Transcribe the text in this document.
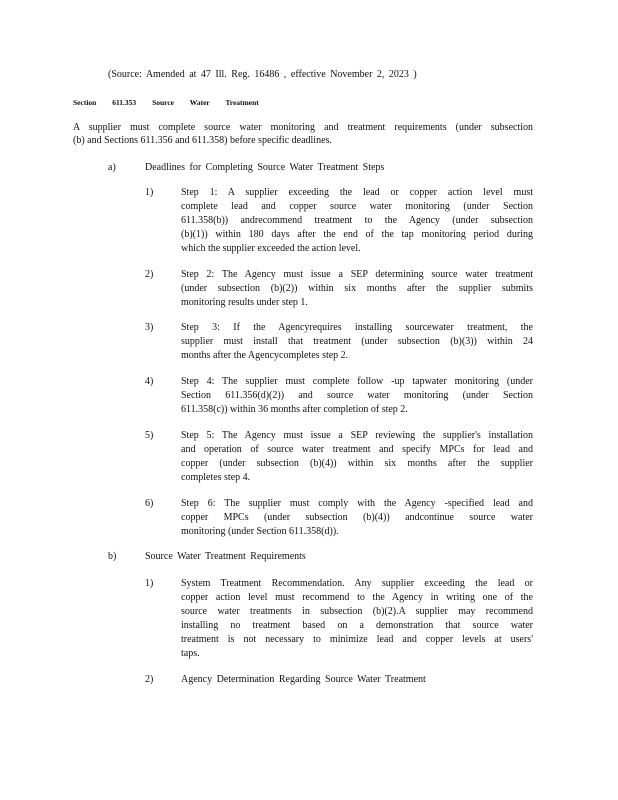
(Source: Amended at 47 Ill. Reg. 16486 , effective November 2, 2023 )
Section 611.353 Source Water Treatment
A supplier must complete source water monitoring and treatment requirements (under subsection
(b) and Sections 611.356 and 611.358) before specific deadlines.
a)	Deadlines for Completing Source Water Treatment Steps
1)	Step 1: A supplier exceeding the lead or copper action level must
complete lead and copper source water monitoring (under Section
611.358(b)) andrecommend treatment to the Agency (under subsection
(b)(1)) within 180 days after the end of the tap monitoring period during
which the supplier exceeded the action level.
2)	Step 2: The Agency must issue a SEP determining source water treatment
(under subsection (b)(2)) within six months after the supplier submits
monitoring results under step 1.
3)	Step 3: If the Agencyrequires installing sourcewater treatment, the
supplier must install that treatment (under subsection (b)(3)) within 24
months after the Agencycompletes step 2.
4)	Step 4: The supplier must complete follow -up tapwater monitoring (under
Section 611.356(d)(2)) and source water monitoring (under Section
611.358(c)) within 36 months after completion of step 2.
5)	Step 5: The Agency must issue a SEP reviewing the supplier's installation
and operation of source water treatment and specify MPCs for lead and
copper (under subsection (b)(4)) within six months after the supplier
completes step 4.
6)	Step 6: The supplier must comply with the Agency -specified lead and
copper MPCs (under subsection (b)(4)) andcontinue source water
monitoring (under Section 611.358(d)).
b)	Source Water Treatment Requirements
1)	System Treatment Recommendation. Any supplier exceeding the lead or
copper action level must recommend to the Agency in writing one of the
source water treatments in subsection (b)(2).A supplier may recommend
installing no treatment based on a demonstration that source water
treatment is not necessary to minimize lead and copper levels at users'
taps.
2)	Agency Determination Regarding Source Water Treatment
